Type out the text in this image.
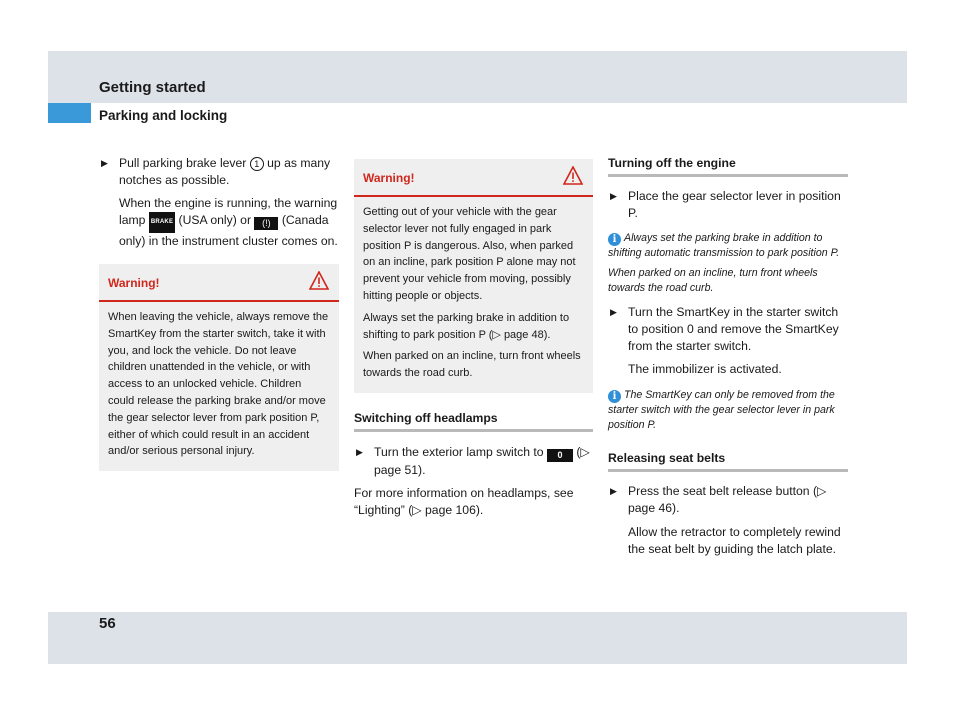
Getting started
Parking and locking

▶ Pull parking brake lever 1 up as many notches as possible.

When the engine is running, the warning lamp BRAKE (USA only) or (!) (Canada only) in the instrument cluster comes on.

Warning!

When leaving the vehicle, always remove the SmartKey from the starter switch, take it with you, and lock the vehicle. Do not leave children unattended in the vehicle, or with access to an unlocked vehicle. Children could release the parking brake and/or move the gear selector lever from park position P, either of which could result in an accident and/or serious personal injury.

Warning!

Getting out of your vehicle with the gear selector lever not fully engaged in park position P is dangerous. Also, when parked on an incline, park position P alone may not prevent your vehicle from moving, possibly hitting people or objects.

Always set the parking brake in addition to shifting to park position P (▷ page 48).

When parked on an incline, turn front wheels towards the road curb.

Switching off headlamps

▶ Turn the exterior lamp switch to 0 (▷ page 51).

For more information on headlamps, see “Lighting” (▷ page 106).

Turning off the engine

▶ Place the gear selector lever in position P.

i Always set the parking brake in addition to shifting automatic transmission to park position P.

When parked on an incline, turn front wheels towards the road curb.

▶ Turn the SmartKey in the starter switch to position 0 and remove the SmartKey from the starter switch.

The immobilizer is activated.

i The SmartKey can only be removed from the starter switch with the gear selector lever in park position P.

Releasing seat belts

▶ Press the seat belt release button (▷ page 46).

Allow the retractor to completely rewind the seat belt by guiding the latch plate.

56
